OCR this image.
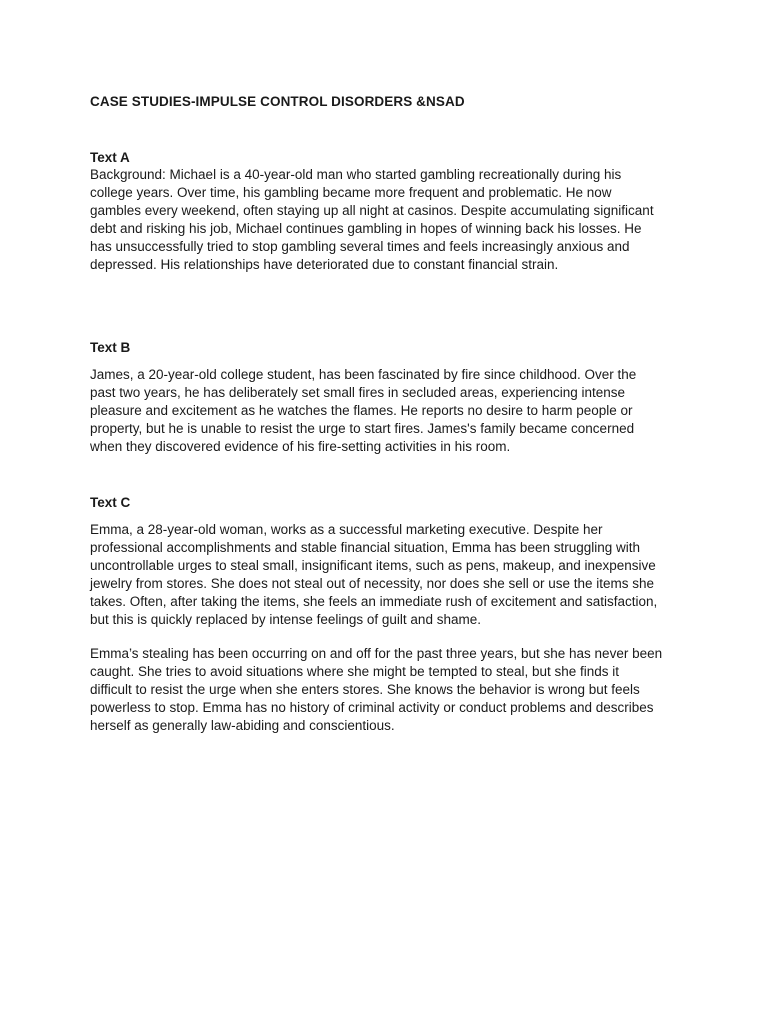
CASE STUDIES-IMPULSE CONTROL DISORDERS &NSAD
Text A

Background: Michael is a 40-year-old man who started gambling recreationally during his
college years. Over time, his gambling became more frequent and problematic. He now
gambles every weekend, often staying up all night at casinos. Despite accumulating significant
debt and risking his job, Michael continues gambling in hopes of winning back his losses. He
has unsuccessfully tried to stop gambling several times and feels increasingly anxious and
depressed. His relationships have deteriorated due to constant financial strain.

Text B

James, a 20-year-old college student, has been fascinated by fire since childhood. Over the
past two years, he has deliberately set small fires in secluded areas, experiencing intense
pleasure and excitement as he watches the flames. He reports no desire to harm people or
property, but he is unable to resist the urge to start fires. James's family became concerned
when they discovered evidence of his fire-setting activities in his room.

Text C

Emma, a 28-year-old woman, works as a successful marketing executive. Despite her
professional accomplishments and stable financial situation, Emma has been struggling with
uncontrollable urges to steal small, insignificant items, such as pens, makeup, and inexpensive
jewelry from stores. She does not steal out of necessity, nor does she sell or use the items she
takes. Often, after taking the items, she feels an immediate rush of excitement and satisfaction,
but this is quickly replaced by intense feelings of guilt and shame.

Emma’s stealing has been occurring on and off for the past three years, but she has never been
caught. She tries to avoid situations where she might be tempted to steal, but she finds it
difficult to resist the urge when she enters stores. She knows the behavior is wrong but feels
powerless to stop. Emma has no history of criminal activity or conduct problems and describes
herself as generally law-abiding and conscientious.
